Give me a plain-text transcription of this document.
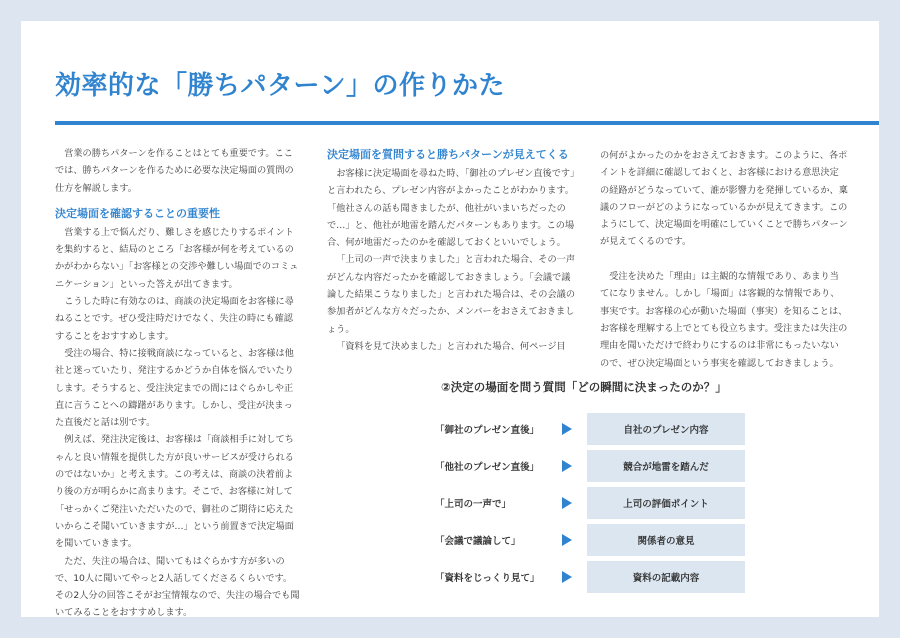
効率的な「勝ちパターン」の作りかた

営業の勝ちパターンを作ることはとても重要です。ここでは、勝ちパターンを作るために必要な決定場面の質問の仕方を解説します。

決定場面を確認することの重要性

営業する上で悩んだり、難しさを感じたりするポイントを集約すると、結局のところ「お客様が何を考えているのかがわからない」「お客様との交渉や難しい場面でのコミュニケーション」といった答えが出てきます。

こうした時に有効なのは、商談の決定場面をお客様に尋ねることです。ぜひ受注時だけでなく、失注の時にも確認することをおすすめします。

受注の場合、特に接戦商談になっていると、お客様は他社と迷っていたり、発注するかどうか自体を悩んでいたりします。そうすると、受注決定までの間にはぐらかしや正直に言うことへの躊躇があります。しかし、受注が決まった直後だと話は別です。

例えば、発注決定後は、お客様は「商談相手に対してちゃんと良い情報を提供した方が良いサービスが受けられるのではないか」と考えます。この考えは、商談の決着前より後の方が明らかに高まります。そこで、お客様に対して「せっかくご発注いただいたので、御社のご期待に応えたいからこそ聞いていきますが…」という前置きで決定場面を聞いていきます。

ただ、失注の場合は、聞いてもはぐらかす方が多いので、10人に聞いてやっと2人話してくださるくらいです。その2人分の回答こそがお宝情報なので、失注の場合でも聞いてみることをおすすめします。

決定場面を質問すると勝ちパターンが見えてくる

お客様に決定場面を尋ねた時、「御社のプレゼン直後です」と言われたら、プレゼン内容がよかったことがわかります。「他社さんの話も聞きましたが、他社がいまいちだったので…」と、他社が地雷を踏んだパターンもあります。この場合、何が地雷だったのかを確認しておくといいでしょう。

「上司の一声で決まりました」と言われた場合、その一声がどんな内容だったかを確認しておきましょう。「会議で議論した結果こうなりました」と言われた場合は、その会議の参加者がどんな方々だったか、メンバーをおさえておきましょう。

「資料を見て決めました」と言われた場合、何ページ目

の何がよかったのかをおさえておきます。このように、各ポイントを詳細に確認しておくと、お客様における意思決定の経路がどうなっていて、誰が影響力を発揮しているか、稟議のフローがどのようになっているかが見えてきます。このようにして、決定場面を明確にしていくことで勝ちパターンが見えてくるのです。

受注を決めた「理由」は主観的な情報であり、あまり当てになりません。しかし「場面」は客観的な情報であり、事実です。お客様の心が動いた場面（事実）を知ることは、お客様を理解する上でとても役立ちます。受注または失注の理由を聞いただけで終わりにするのは非常にもったいないので、ぜひ決定場面という事実を確認しておきましょう。

②決定の場面を問う質問「どの瞬間に決まったのか？」
「御社のプレゼン直後」	自社のプレゼン内容
「他社のプレゼン直後」	競合が地雷を踏んだ
「上司の一声で」	上司の評価ポイント
「会議で議論して」	関係者の意見
「資料をじっくり見て」	資料の記載内容
